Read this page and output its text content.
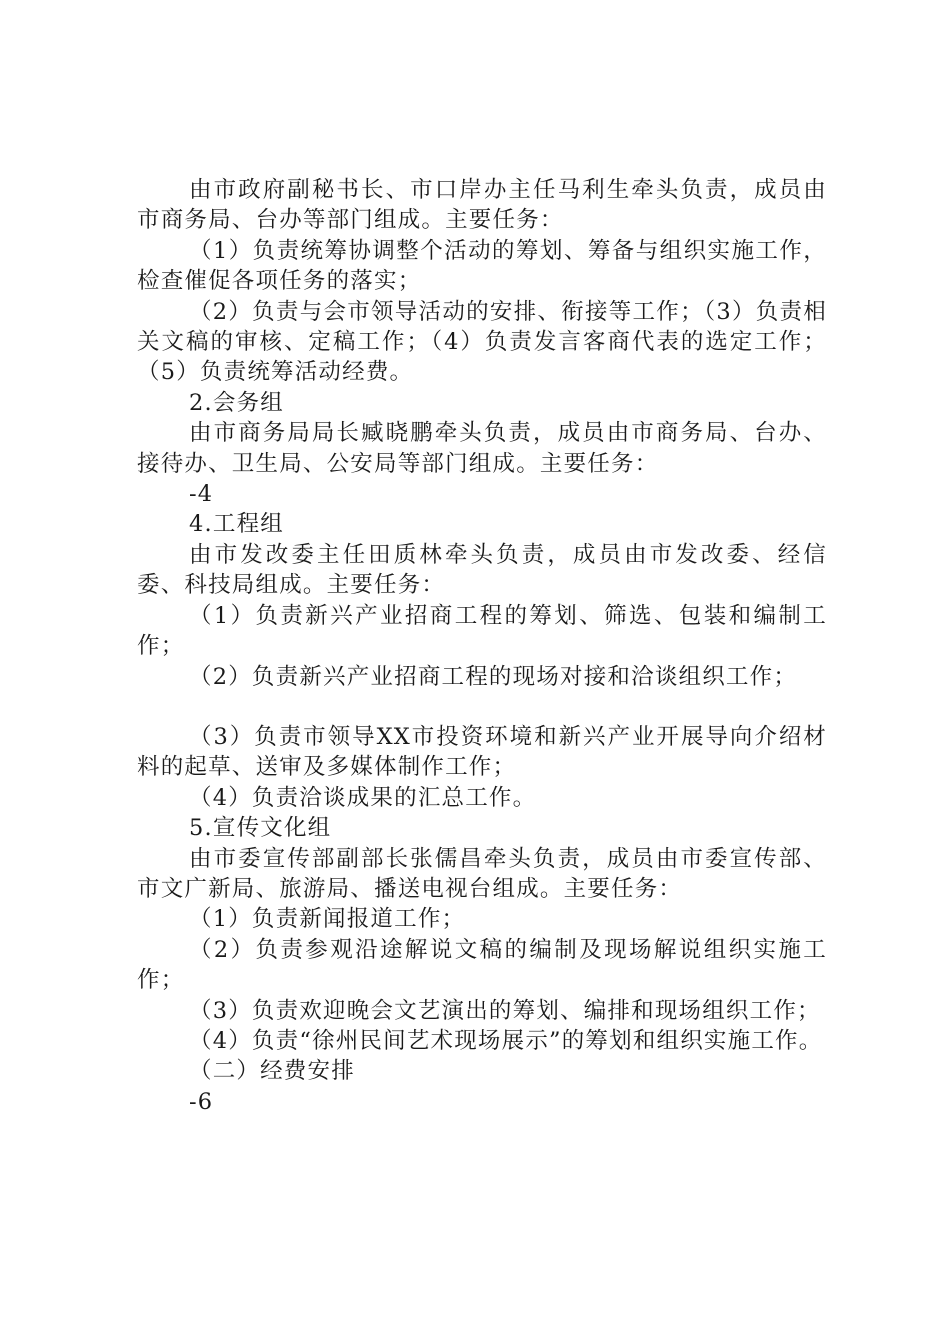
由市政府副秘书长、市口岸办主任马利生牵头负责，成员由市商务局、台办等部门组成。主要任务：

（1）负责统筹协调整个活动的筹划、筹备与组织实施工作，检查催促各项任务的落实；

（2）负责与会市领导活动的安排、衔接等工作；（3）负责相关文稿的审核、定稿工作；（4）负责发言客商代表的选定工作；（5）负责统筹活动经费。

2.会务组

由市商务局局长臧晓鹏牵头负责，成员由市商务局、台办、接待办、卫生局、公安局等部门组成。主要任务：

-4

4.工程组

由市发改委主任田质林牵头负责，成员由市发改委、经信委、科技局组成。主要任务：

（1）负责新兴产业招商工程的筹划、筛选、包装和编制工作；

（2）负责新兴产业招商工程的现场对接和洽谈组织工作；

（3）负责市领导XX市投资环境和新兴产业开展导向介绍材料的起草、送审及多媒体制作工作；

（4）负责洽谈成果的汇总工作。

5.宣传文化组

由市委宣传部副部长张儒昌牵头负责，成员由市委宣传部、市文广新局、旅游局、播送电视台组成。主要任务：

（1）负责新闻报道工作；

（2）负责参观沿途解说文稿的编制及现场解说组织实施工作；

（3）负责欢迎晚会文艺演出的筹划、编排和现场组织工作；

（4）负责“徐州民间艺术现场展示”的筹划和组织实施工作。

（二）经费安排

-6
